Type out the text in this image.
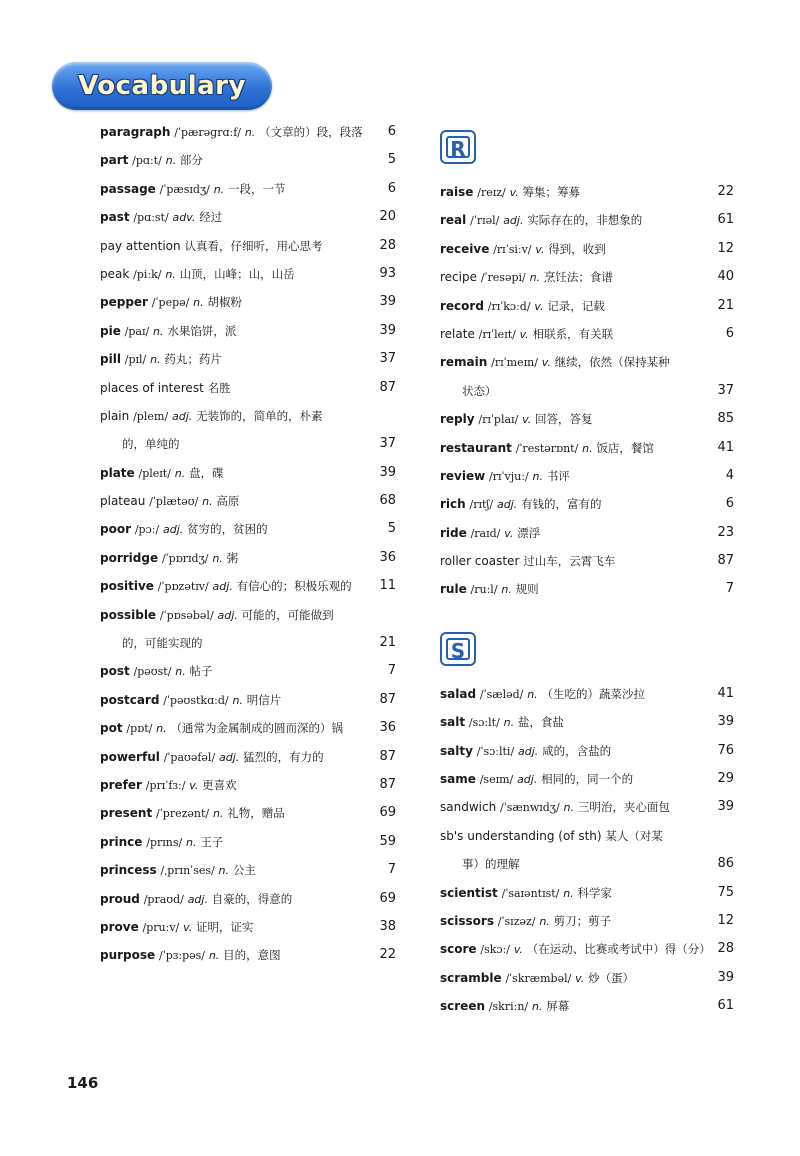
Vocabulary
paragraph /ˈpærəɡrɑːf/ n. （文章的）段，段落 6
part /pɑːt/ n. 部分	5
passage /ˈpæsɪdʒ/ n. 一段，一节	6
past /pɑːst/ adv. 经过	20
pay attention 认真看，仔细听，用心思考	28
peak /piːk/ n. 山顶，山峰；山，山岳	93
pepper /ˈpepə/ n. 胡椒粉	39
pie /paɪ/ n. 水果馅饼，派	39
pill /pɪl/ n. 药丸；药片	37
places of interest 名胜	87
plain /pleɪn/ adj. 无装饰的，简单的，朴素
的，单纯的	37
plate /pleɪt/ n. 盘，碟	39
plateau /ˈplætəʊ/ n. 高原	68
poor /pɔː/ adj. 贫穷的，贫困的	5
porridge /ˈpɒrɪdʒ/ n. 粥	36
positive /ˈpɒzətɪv/ adj. 有信心的；积极乐观的 11
possible /ˈpɒsəbəl/ adj. 可能的，可能做到
的，可能实现的	21
post /pəʊst/ n. 帖子	7
postcard /ˈpəʊstkɑːd/ n. 明信片	87
pot /pɒt/ n. （通常为金属制成的圆而深的）锅	36
powerful /ˈpaʊəfəl/ adj. 猛烈的，有力的	87
prefer /prɪˈfɜː/ v. 更喜欢	87
present /ˈprezənt/ n. 礼物，赠品	69
prince /prɪns/ n. 王子	59
princess /ˌprɪnˈses/ n. 公主	7
proud /praʊd/ adj. 自豪的，得意的	69
prove /pruːv/ v. 证明，证实	38
purpose /ˈpɜːpəs/ n. 目的，意图	22
R
raise /reɪz/ v. 筹集；筹募	22
real /ˈrɪəl/ adj. 实际存在的，非想象的	61
receive /rɪˈsiːv/ v. 得到，收到	12
recipe /ˈresəpi/ n. 烹饪法；食谱	40
record /rɪˈkɔːd/ v. 记录，记载	21
relate /rɪˈleɪt/ v. 相联系，有关联	6
remain /rɪˈmeɪn/ v. 继续，依然（保持某种
状态）	37
reply /rɪˈplaɪ/ v. 回答，答复	85
restaurant /ˈrestərɒnt/ n. 饭店，餐馆	41
review /rɪˈvjuː/ n. 书评	4
rich /rɪtʃ/ adj. 有钱的，富有的	6
ride /raɪd/ v. 漂浮	23
roller coaster 过山车，云霄飞车	87
rule /ruːl/ n. 规则	7
S
salad /ˈsæləd/ n. （生吃的）蔬菜沙拉	41
salt /sɔːlt/ n. 盐，食盐	39
salty /ˈsɔːlti/ adj. 咸的，含盐的	76
same /seɪm/ adj. 相同的，同一个的	29
sandwich /ˈsænwɪdʒ/ n. 三明治，夹心面包	39
sb's understanding (of sth) 某人（对某
事）的理解	86
scientist /ˈsaɪəntɪst/ n. 科学家	75
scissors /ˈsɪzəz/ n. 剪刀；剪子	12
score /skɔː/ v. （在运动、比赛或考试中）得（分） 28
scramble /ˈskræmbəl/ v. 炒（蛋）	39
screen /skriːn/ n. 屏幕	61
146
